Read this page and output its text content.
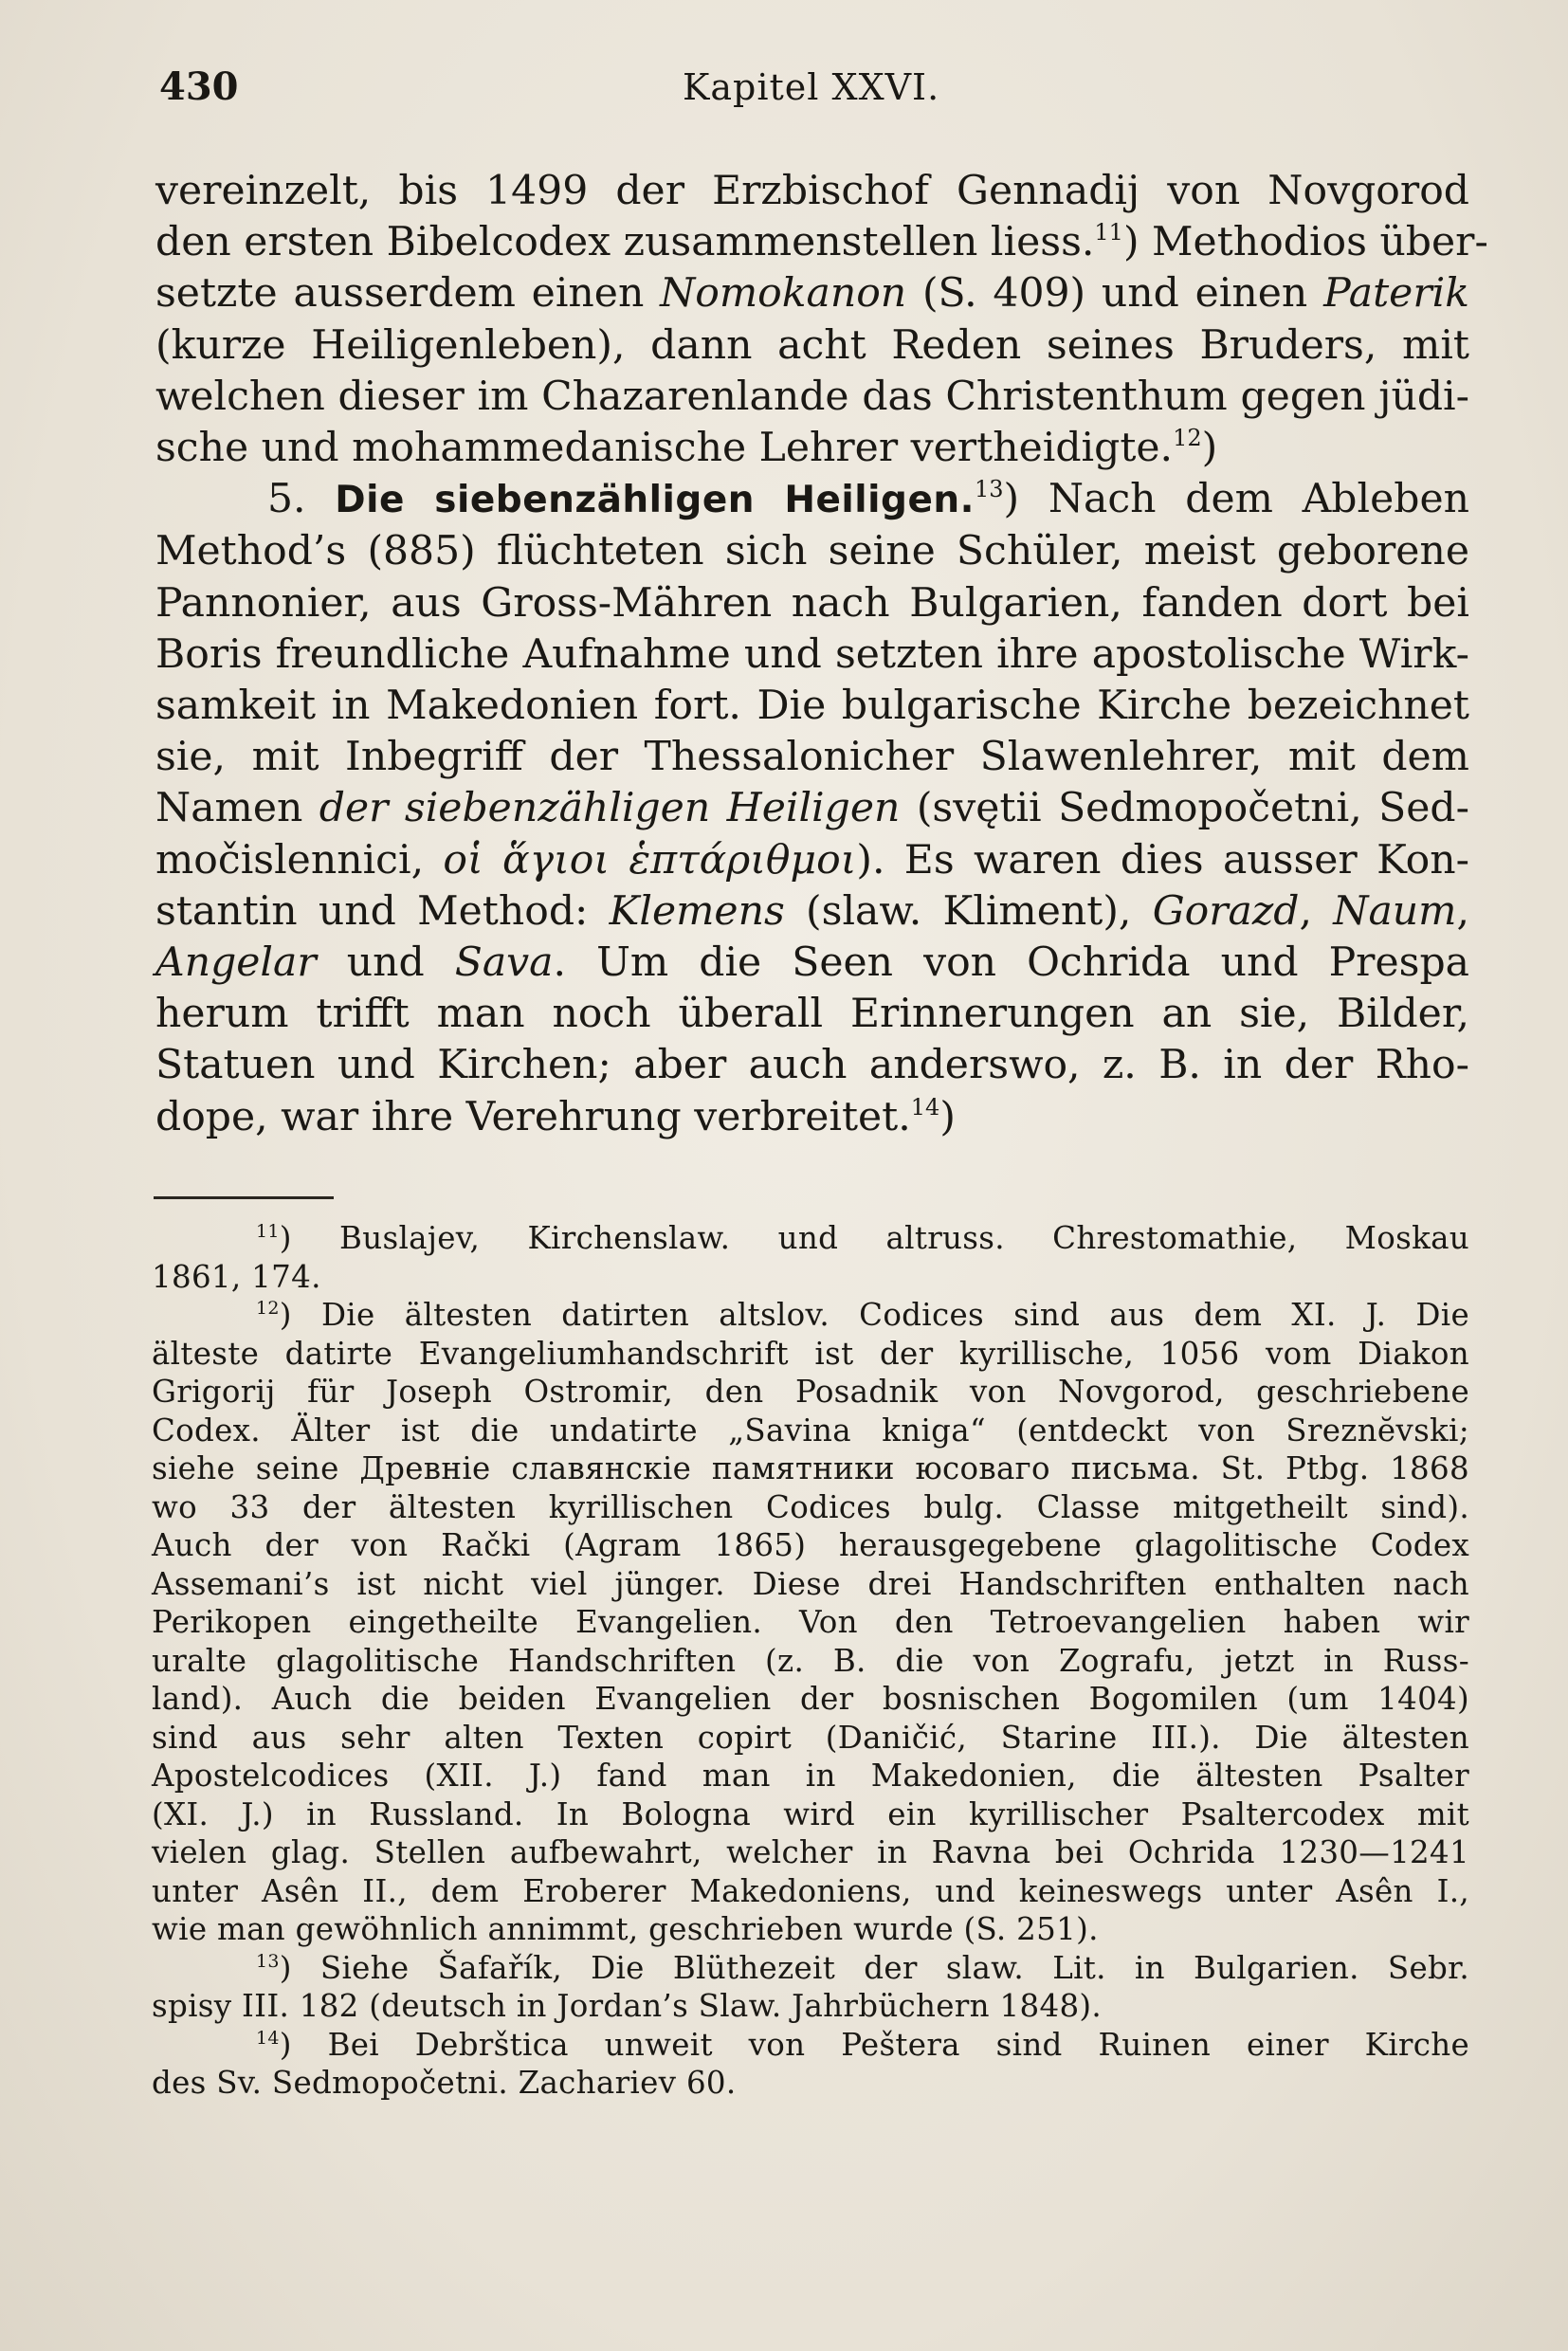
430	Kapitel XXVI.
vereinzelt, bis 1499 der Erzbischof Gennadij von Novgorod
den ersten Bibelcodex zusammenstellen liess.$^{11}$) Methodios über-
setzte ausserdem einen Nomokanon (S. 409) und einen Paterik
(kurze Heiligenleben), dann acht Reden seines Bruders, mit
welchen dieser im Chazarenlande das Christenthum gegen jüdi-
sche und mohammedanische Lehrer vertheidigte.$^{12}$)
5. Die siebenzähligen Heiligen.$^{13}$) Nach dem Ableben
Method’s (885) flüchteten sich seine Schüler, meist geborene
Pannonier, aus Gross-Mähren nach Bulgarien, fanden dort bei
Boris freundliche Aufnahme und setzten ihre apostolische Wirk-
samkeit in Makedonien fort. Die bulgarische Kirche bezeichnet
sie, mit Inbegriff der Thessalonicher Slawenlehrer, mit dem
Namen der siebenzähligen Heiligen (svętii Sedmopočetni, Sed-
močislennici, οἱ ἅγιοι ἑπτάριθμοι). Es waren dies ausser Kon-
stantin und Method: Klemens (slaw. Kliment), Gorazd, Naum,
Angelar und Sava. Um die Seen von Ochrida und Prespa
herum trifft man noch überall Erinnerungen an sie, Bilder,
Statuen und Kirchen; aber auch anderswo, z. B. in der Rho-
dope, war ihre Verehrung verbreitet.$^{14}$)
$^{11}$) Buslajev, Kirchenslaw. und altruss. Chrestomathie, Moskau
1861, 174.
$^{12}$) Die ältesten datirten altslov. Codices sind aus dem XI. J. Die
älteste datirte Evangeliumhandschrift ist der kyrillische, 1056 vom Diakon
Grigorij für Joseph Ostromir, den Posadnik von Novgorod, geschriebene
Codex. Älter ist die undatirte „Savina kniga“ (entdeckt von Sreznĕvski;
siehe seine Древніе славянскіе памятники юсоваго письма. St. Ptbg. 1868
wo 33 der ältesten kyrillischen Codices bulg. Classe mitgetheilt sind).
Auch der von Rački (Agram 1865) herausgegebene glagolitische Codex
Assemani’s ist nicht viel jünger. Diese drei Handschriften enthalten nach
Perikopen eingetheilte Evangelien. Von den Tetroevangelien haben wir
uralte glagolitische Handschriften (z. B. die von Zografu, jetzt in Russ-
land). Auch die beiden Evangelien der bosnischen Bogomilen (um 1404)
sind aus sehr alten Texten copirt (Daničić, Starine III.). Die ältesten
Apostelcodices (XII. J.) fand man in Makedonien, die ältesten Psalter
(XI. J.) in Russland. In Bologna wird ein kyrillischer Psaltercodex mit
vielen glag. Stellen aufbewahrt, welcher in Ravna bei Ochrida 1230—1241
unter Asên II., dem Eroberer Makedoniens, und keineswegs unter Asên I.,
wie man gewöhnlich annimmt, geschrieben wurde (S. 251).
$^{13}$) Siehe Šafařík, Die Blüthezeit der slaw. Lit. in Bulgarien. Sebr.
spisy III. 182 (deutsch in Jordan’s Slaw. Jahrbüchern 1848).
$^{14}$) Bei Debrštica unweit von Peštera sind Ruinen einer Kirche
des Sv. Sedmopočetni. Zachariev 60.
